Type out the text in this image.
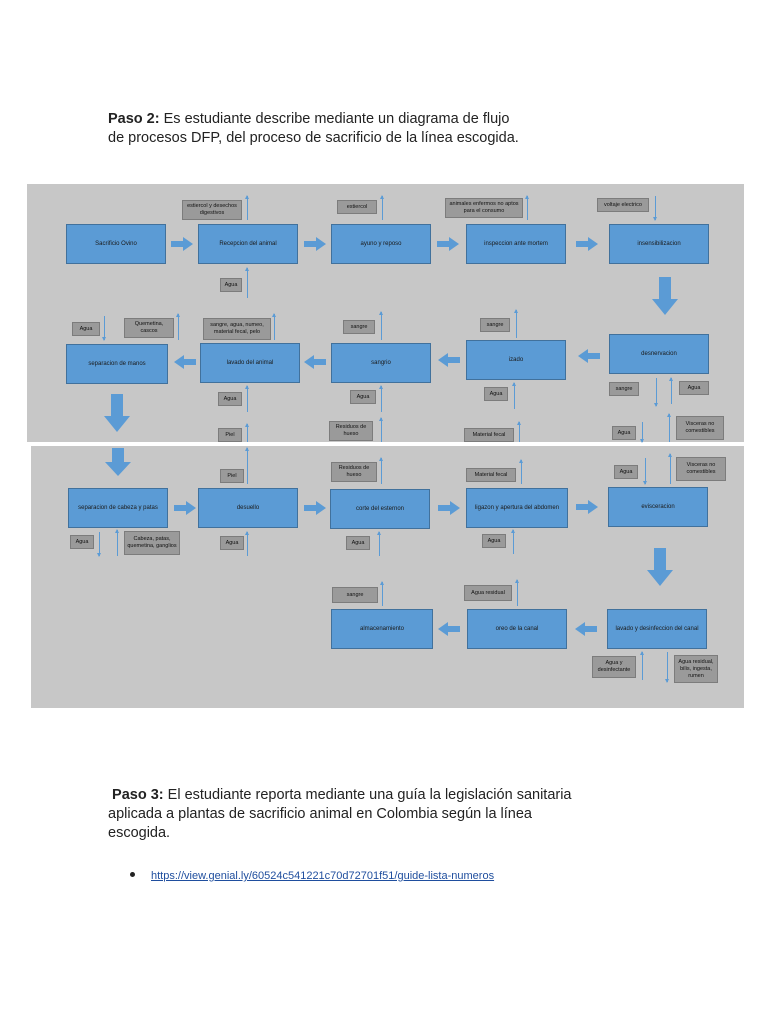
Paso 2: Es estudiante describe mediante un diagrama de flujo
de procesos DFP, del proceso de sacrificio de la línea escogida.
Sacrificio Ovino	Recepcion del animal	ayuno y reposo	inspeccion ante mortem	insensibilizacion
estiercol y desechos digestivos
estiercol	animales enfermos no aptos para el consumo
voltaje electrico
Agua
separacion de manos	lavado del animal	sangrio	izado
desnervacion
Agua
Quemetina, cascos
sangre, agua, numeo, material fecal, pelo
sangre	sangre
Agua	Agua	Agua
sangre	Agua
Piel
Residuos de hueso	Material fecal	Agua
Visceras no comestibles
Piel
Residuos de hueso	Material fecal	Agua
Visceras no comestibles
separacion de cabeza y patas	desuello	corte del esternon	ligazon y apertura del abdomen	evisceracion
Agua	Cabeza, patas, quemetina, ganglios
Agua	Agua	Agua
sangre	Agua residual
almacenamiento	oreo de la canal	lavado y desinfeccion del canal
Agua y desinfectante
Agua residual, bilis, ingesta, rumen
Paso 3: El estudiante reporta mediante una guía la legislación sanitaria
aplicada a plantas de sacrificio animal en Colombia según la línea
escogida.
https://view.genial.ly/60524c541221c70d72701f51/guide-lista-numeros
